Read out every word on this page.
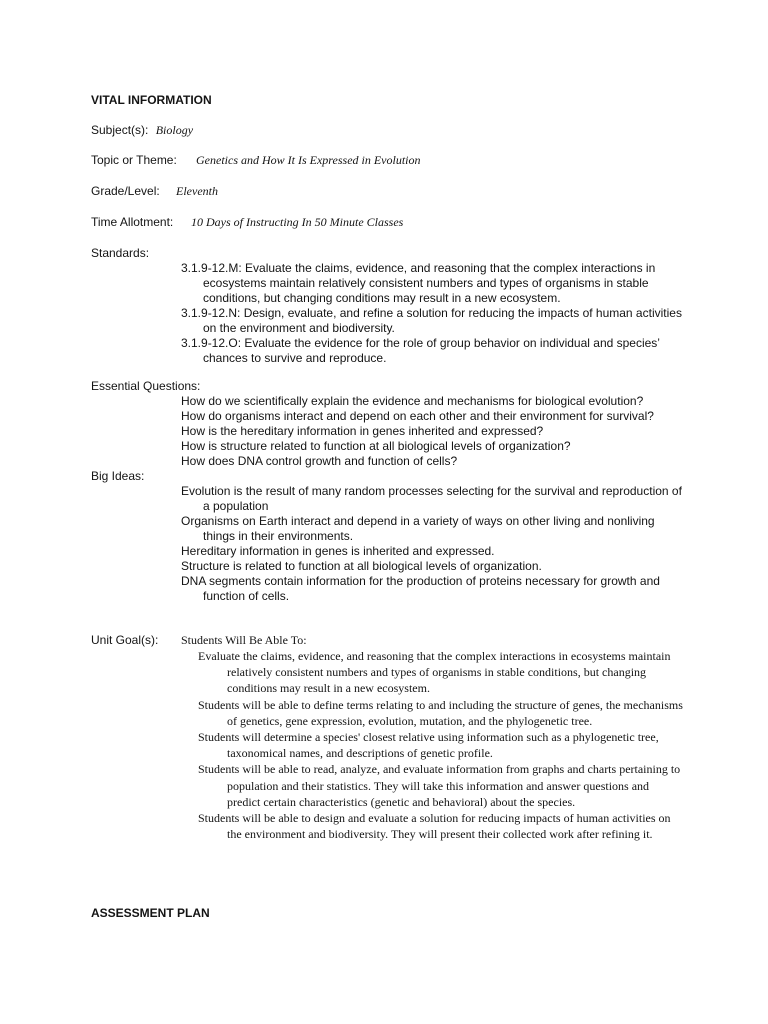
VITAL INFORMATION
Subject(s): Biology
Topic or Theme: Genetics and How It Is Expressed in Evolution
Grade/Level: Eleventh
Time Allotment: 10 Days of Instructing In 50 Minute Classes
Standards:
3.1.9-12.M: Evaluate the claims, evidence, and reasoning that the complex interactions in ecosystems maintain relatively consistent numbers and types of organisms in stable conditions, but changing conditions may result in a new ecosystem.
3.1.9-12.N: Design, evaluate, and refine a solution for reducing the impacts of human activities on the environment and biodiversity.
3.1.9-12.O: Evaluate the evidence for the role of group behavior on individual and species’ chances to survive and reproduce.
Essential Questions:
How do we scientifically explain the evidence and mechanisms for biological evolution?
How do organisms interact and depend on each other and their environment for survival?
How is the hereditary information in genes inherited and expressed?
How is structure related to function at all biological levels of organization?
How does DNA control growth and function of cells?
Big Ideas:
Evolution is the result of many random processes selecting for the survival and reproduction of a population
Organisms on Earth interact and depend in a variety of ways on other living and nonliving things in their environments.
Hereditary information in genes is inherited and expressed.
Structure is related to function at all biological levels of organization.
DNA segments contain information for the production of proteins necessary for growth and function of cells.
Unit Goal(s): Students Will Be Able To:
Evaluate the claims, evidence, and reasoning that the complex interactions in ecosystems maintain relatively consistent numbers and types of organisms in stable conditions, but changing conditions may result in a new ecosystem.
Students will be able to define terms relating to and including the structure of genes, the mechanisms of genetics, gene expression, evolution, mutation, and the phylogenetic tree.
Students will determine a species' closest relative using information such as a phylogenetic tree, taxonomical names, and descriptions of genetic profile.
Students will be able to read, analyze, and evaluate information from graphs and charts pertaining to population and their statistics. They will take this information and answer questions and predict certain characteristics (genetic and behavioral) about the species.
Students will be able to design and evaluate a solution for reducing impacts of human activities on the environment and biodiversity. They will present their collected work after refining it.
ASSESSMENT PLAN
